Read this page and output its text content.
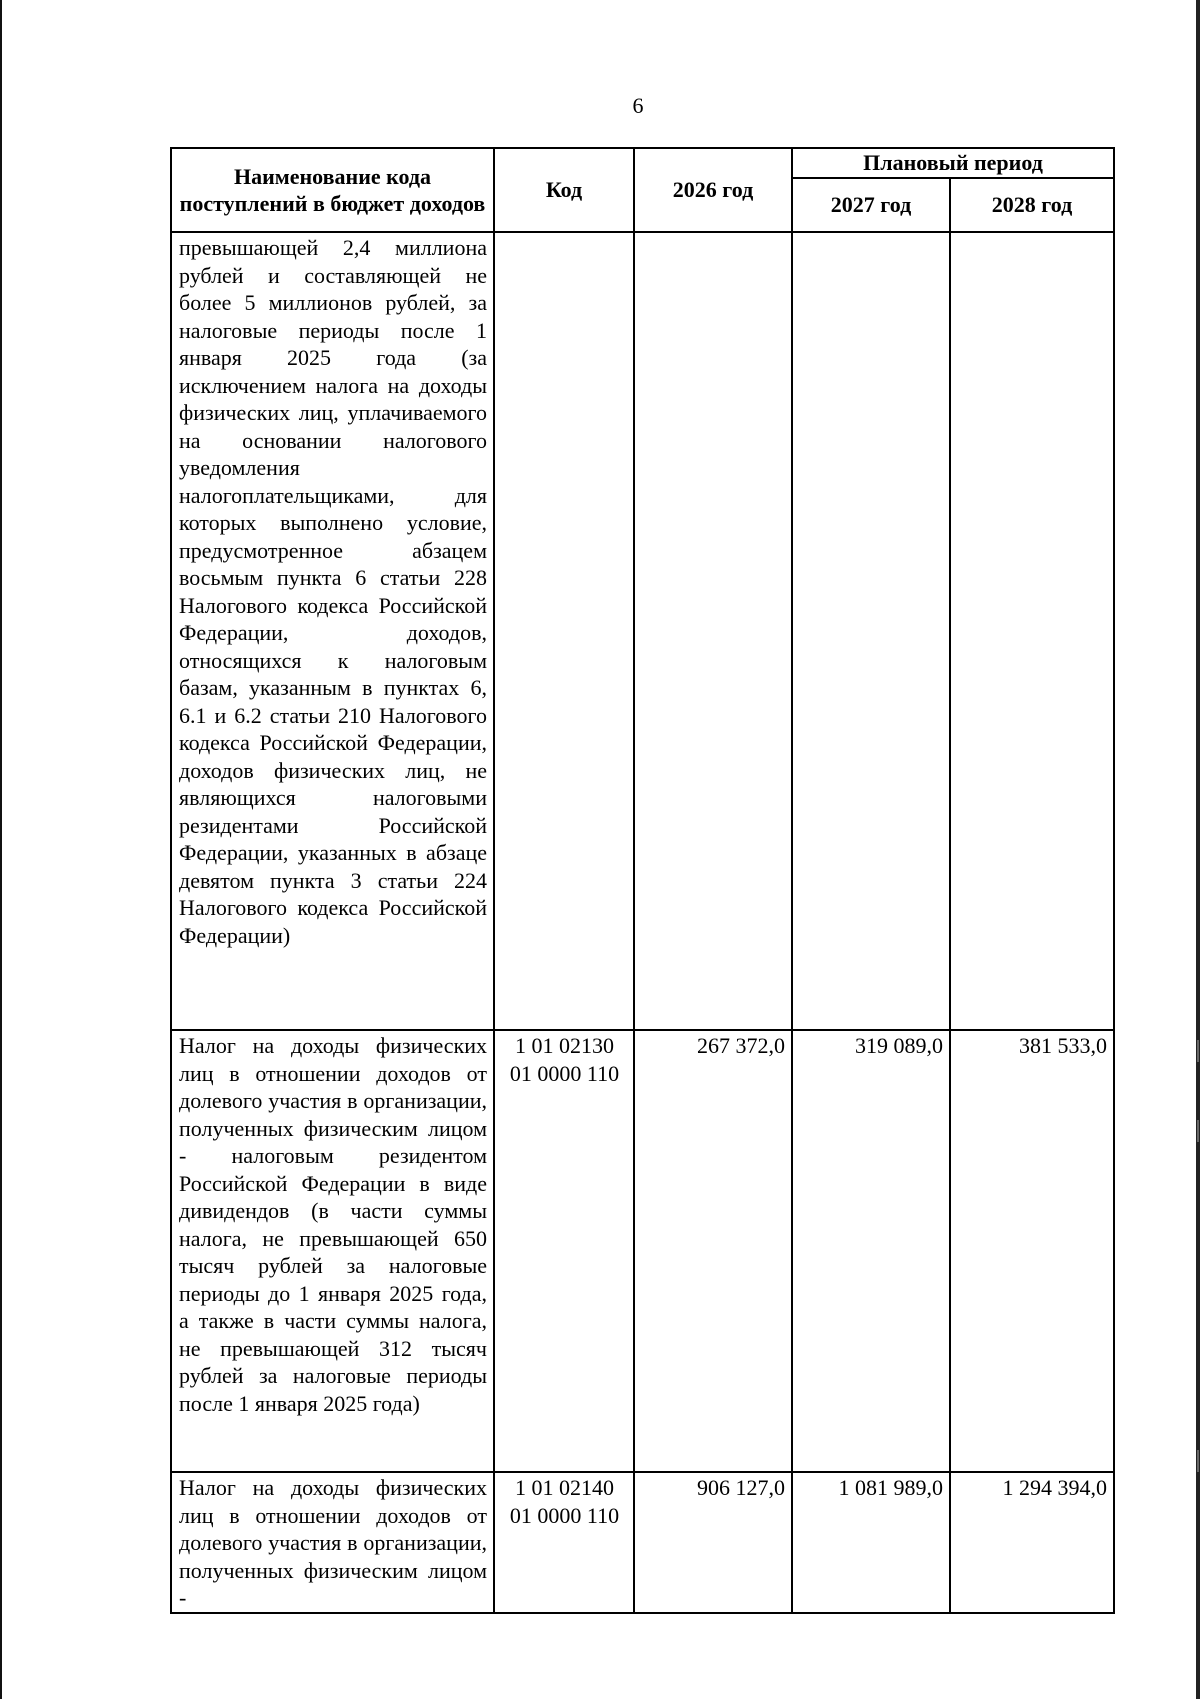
6
Наименование кода поступлений в бюджет доходов	Код	2026 год	Плановый период	
			2027 год	2028 год
превышающей 2,4 миллиона рублей и составляющей не более 5 миллионов рублей, за налоговые периоды после 1 января 2025 года (за исключением налога на доходы физических лиц, уплачиваемого на основании налогового уведомления налогоплательщиками, для которых выполнено условие, предусмотренное абзацем восьмым пункта 6 статьи 228 Налогового кодекса Российской Федерации, доходов, относящихся к налоговым базам, указанным в пунктах 6, 6.1 и 6.2 статьи 210 Налогового кодекса Российской Федерации, доходов физических лиц, не являющихся налоговыми резидентами Российской Федерации, указанных в абзаце девятом пункта 3 статьи 224 Налогового кодекса Российской Федерации)				
Налог на доходы физических лиц в отношении доходов от долевого участия в организации, полученных физическим лицом - налоговым резидентом Российской Федерации в виде дивидендов (в части суммы налога, не превышающей 650 тысяч рублей за налоговые периоды до 1 января 2025 года, а также в части суммы налога, не превышающей 312 тысяч рублей за налоговые периоды после 1 января 2025 года)	1 01 02130 01 0000 110	267 372,0	319 089,0	381 533,0
Налог на доходы физических лиц в отношении доходов от долевого участия в организации, полученных физическим лицом -	1 01 02140 01 0000 110	906 127,0	1 081 989,0	1 294 394,0
